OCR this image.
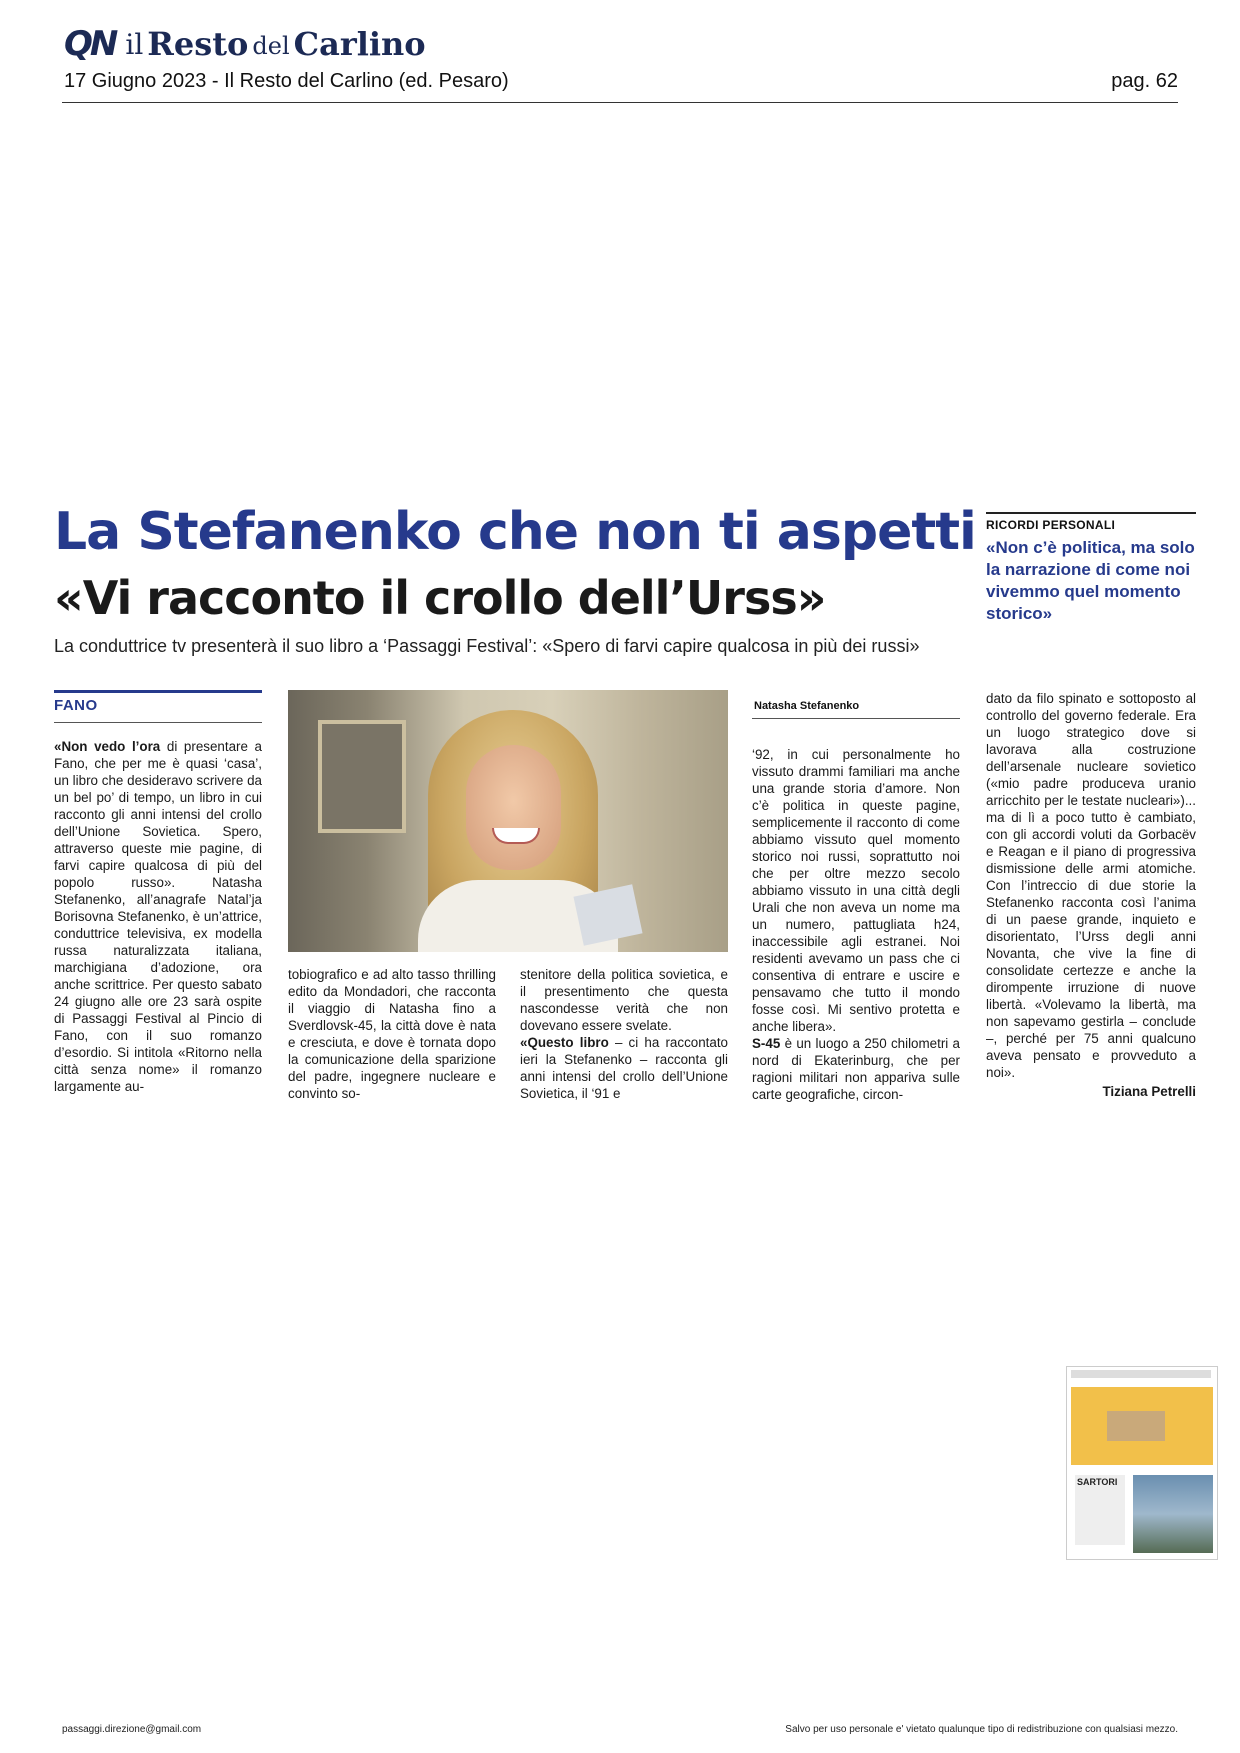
QN il Resto del Carlino
17 Giugno 2023 - Il Resto del Carlino (ed. Pesaro)	pag. 62
La Stefanenko che non ti aspetti
«Vi racconto il crollo dell’Urss»
La conduttrice tv presenterà il suo libro a ‘Passaggi Festival’: «Spero di farvi capire qualcosa in più dei russi»
RICORDI PERSONALI
«Non c’è politica, ma solo la narrazione di come noi vivemmo quel momento storico»
FANO

«Non vedo l’ora di presentare a Fano, che per me è quasi ‘casa’, un libro che desideravo scrivere da un bel po’ di tempo, un libro in cui racconto gli anni intensi del crollo dell’Unione Sovietica. Spero, attraverso queste mie pagine, di farvi capire qualcosa di più del popolo russo». Natasha Stefanenko, all’anagrafe Natal’ja Borisovna Stefanenko, è un’attrice, conduttrice televisiva, ex modella russa naturalizzata italiana, marchigiana d’adozione, ora anche scrittrice. Per questo sabato 24 giugno alle ore 23 sarà ospite di Passaggi Festival al Pincio di Fano, con il suo romanzo d’esordio. Si intitola «Ritorno nella città senza nome» il romanzo largamente au-

tobiografico e ad alto tasso thrilling edito da Mondadori, che racconta il viaggio di Natasha fino a Sverdlovsk-45, la città dove è nata e cresciuta, e dove è tornata dopo la comunicazione della sparizione del padre, ingegnere nucleare e convinto so-

stenitore della politica sovietica, e il presentimento che questa nascondesse verità che non dovevano essere svelate.

«Questo libro – ci ha raccontato ieri la Stefanenko – racconta gli anni intensi del crollo dell’Unione Sovietica, il ‘91 e

Natasha Stefanenko

‘92, in cui personalmente ho vissuto drammi familiari ma anche una grande storia d’amore. Non c’è politica in queste pagine, semplicemente il racconto di come abbiamo vissuto quel momento storico noi russi, soprattutto noi che per oltre mezzo secolo abbiamo vissuto in una città degli Urali che non aveva un nome ma un numero, pattugliata h24, inaccessibile agli estranei. Noi residenti avevamo un pass che ci consentiva di entrare e uscire e pensavamo che tutto il mondo fosse così. Mi sentivo protetta e anche libera».

S-45 è un luogo a 250 chilometri a nord di Ekaterinburg, che per ragioni militari non appariva sulle carte geografiche, circon-

dato da filo spinato e sottoposto al controllo del governo federale. Era un luogo strategico dove si lavorava alla costruzione dell’arsenale nucleare sovietico («mio padre produceva uranio arricchito per le testate nucleari»)... ma di lì a poco tutto è cambiato, con gli accordi voluti da Gorbacëv e Reagan e il piano di progressiva dismissione delle armi atomiche. Con l’intreccio di due storie la Stefanenko racconta così l’anima di un paese grande, inquieto e disorientato, l’Urss degli anni Novanta, che vive la fine di consolidate certezze e anche la dirompente irruzione di nuove libertà. «Volevamo la libertà, ma non sapevamo gestirla – conclude –, perché per 75 anni qualcuno aveva pensato e provveduto a noi».

Tiziana Petrelli
SARTORI
passaggi.direzione@gmail.com	Salvo per uso personale e' vietato qualunque tipo di redistribuzione con qualsiasi mezzo.
